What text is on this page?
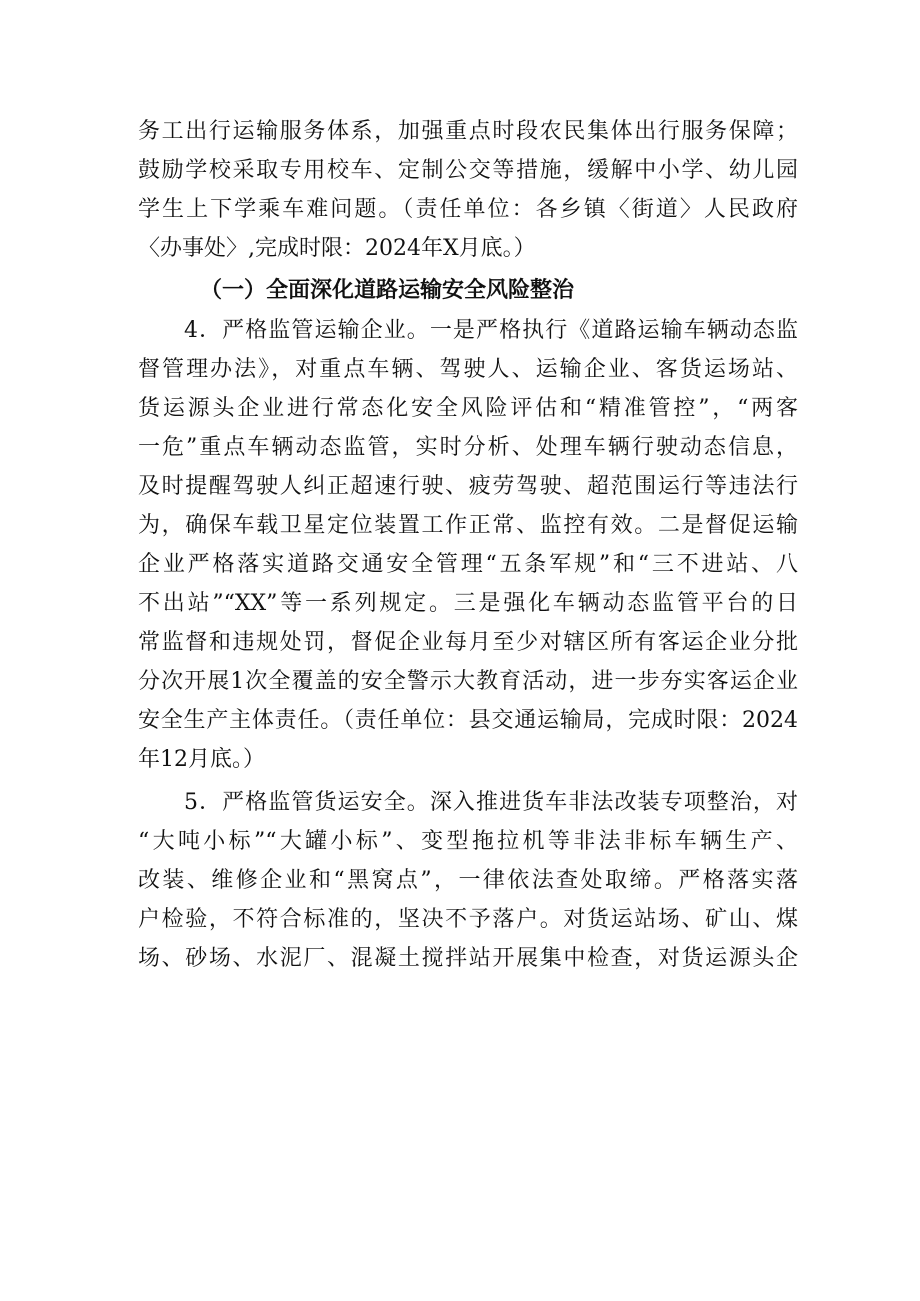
务工出行运输服务体系，加强重点时段农民集体出行服务保障；
鼓励学校采取专用校车、定制公交等措施，缓解中小学、幼儿园
学生上下学乘车难问题。（责任单位：各乡镇〈街道〉人民政府
〈办事处〉,完成时限：2024年X月底。）
（一）全面深化道路运输安全风险整治
4．严格监管运输企业。一是严格执行《道路运输车辆动态监
督管理办法》，对重点车辆、驾驶人、运输企业、客货运场站、
货运源头企业进行常态化安全风险评估和“精准管控”，“两客
一危”重点车辆动态监管，实时分析、处理车辆行驶动态信息，
及时提醒驾驶人纠正超速行驶、疲劳驾驶、超范围运行等违法行
为，确保车载卫星定位装置工作正常、监控有效。二是督促运输
企业严格落实道路交通安全管理“五条军规”和“三不进站、八
不出站”“XX”等一系列规定。三是强化车辆动态监管平台的日
常监督和违规处罚，督促企业每月至少对辖区所有客运企业分批
分次开展1次全覆盖的安全警示大教育活动，进一步夯实客运企业
安全生产主体责任。（责任单位：县交通运输局，完成时限：2024
年12月底。）
5．严格监管货运安全。深入推进货车非法改装专项整治，对
“大吨小标”“大罐小标”、变型拖拉机等非法非标车辆生产、
改装、维修企业和“黑窝点”，一律依法查处取缔。严格落实落
户检验，不符合标准的，坚决不予落户。对货运站场、矿山、煤
场、砂场、水泥厂、混凝土搅拌站开展集中检查，对货运源头企
